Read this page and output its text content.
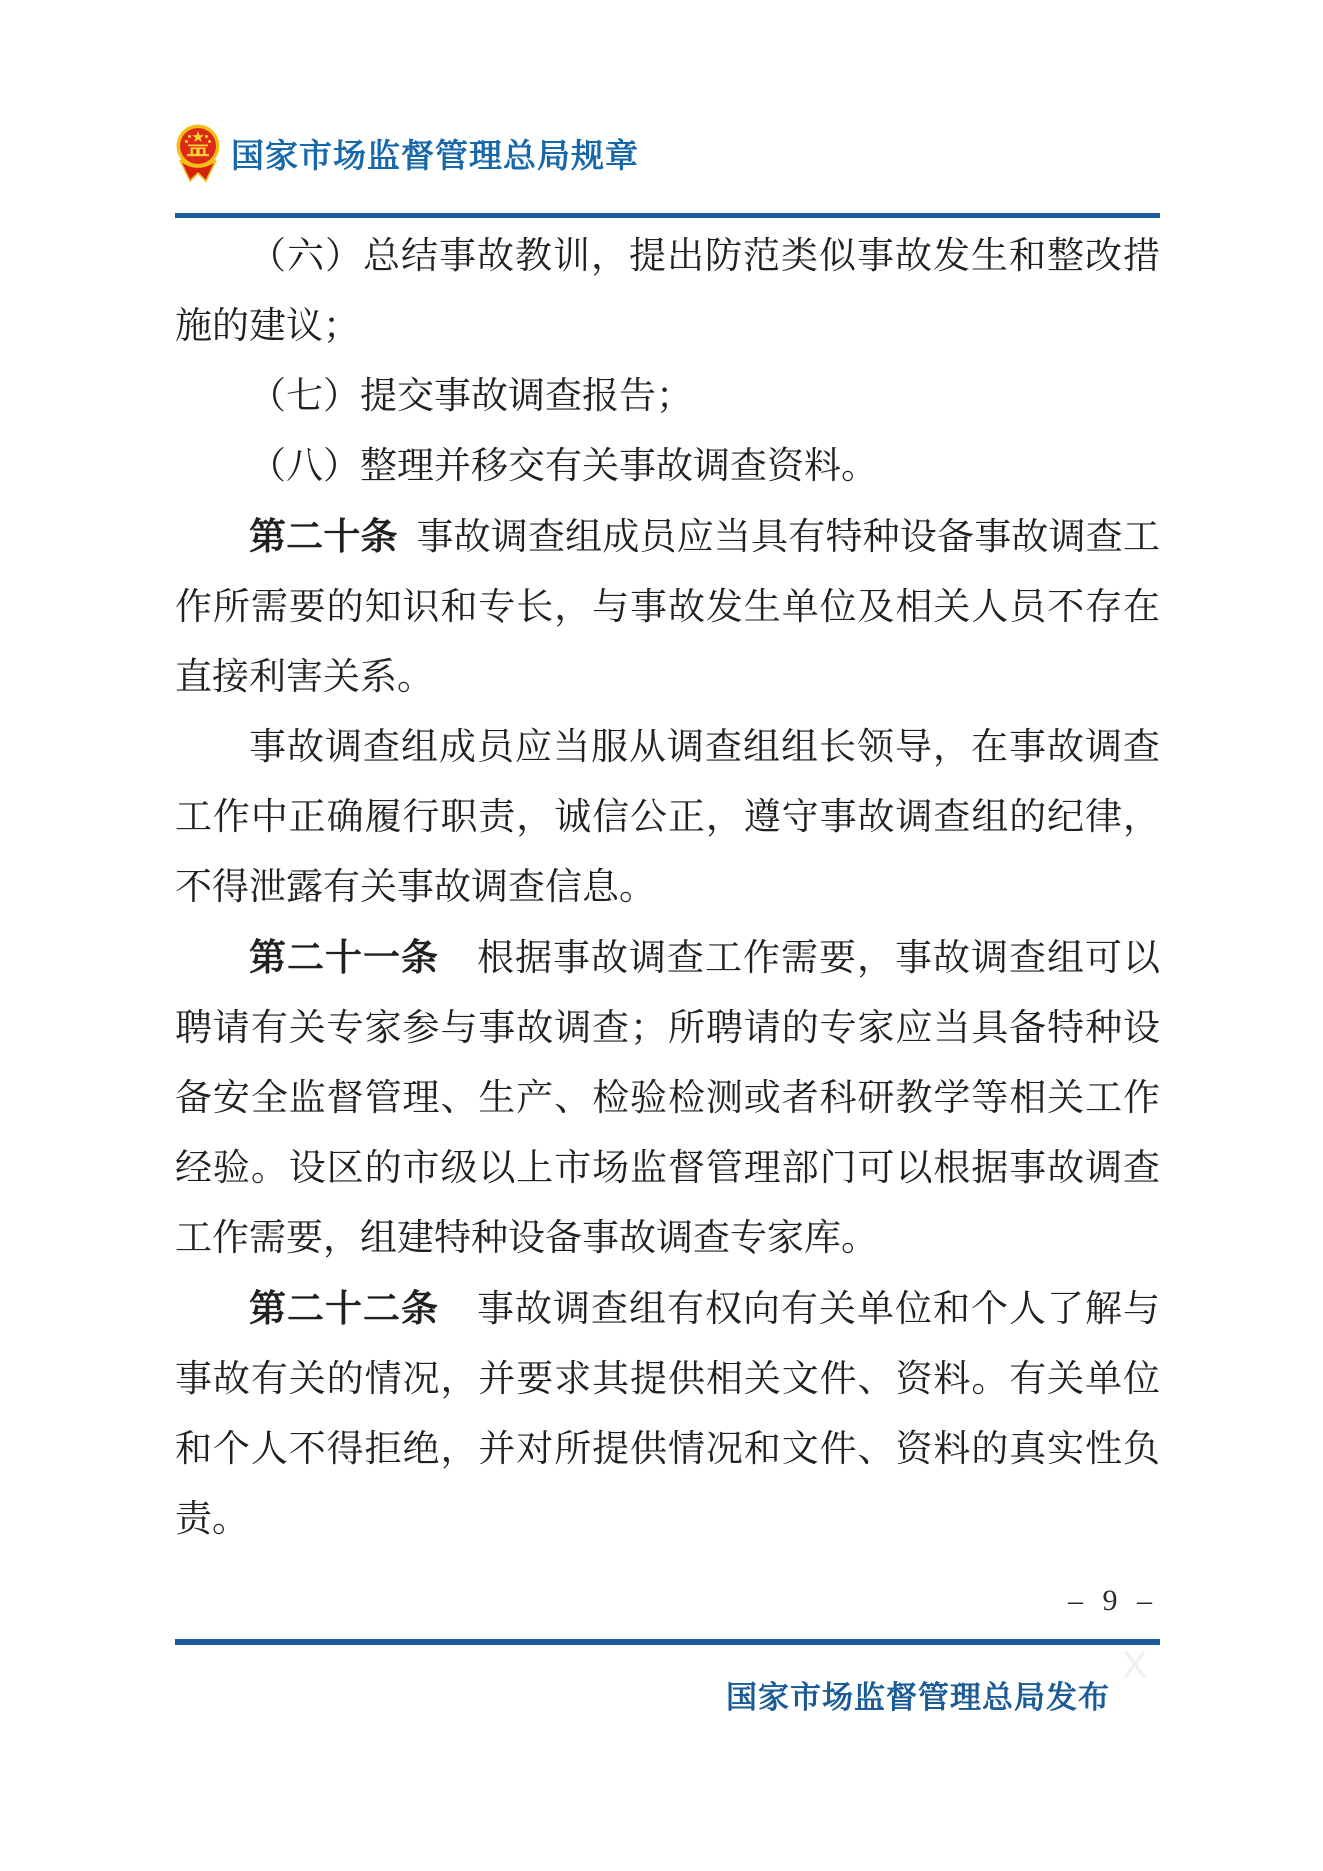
国家市场监督管理总局规章

（六）总结事故教训，提出防范类似事故发生和整改措施的建议；

（七）提交事故调查报告；

（八）整理并移交有关事故调查资料。

第二十条 事故调查组成员应当具有特种设备事故调查工作所需要的知识和专长，与事故发生单位及相关人员不存在直接利害关系。

事故调查组成员应当服从调查组组长领导，在事故调查工作中正确履行职责，诚信公正，遵守事故调查组的纪律，不得泄露有关事故调查信息。

第二十一条　根据事故调查工作需要，事故调查组可以聘请有关专家参与事故调查；所聘请的专家应当具备特种设备安全监督管理、生产、检验检测或者科研教学等相关工作经验。设区的市级以上市场监督管理部门可以根据事故调查工作需要，组建特种设备事故调查专家库。

第二十二条　事故调查组有权向有关单位和个人了解与事故有关的情况，并要求其提供相关文件、资料。有关单位和个人不得拒绝，并对所提供情况和文件、资料的真实性负责。

– 9 –
X
国家市场监督管理总局发布
